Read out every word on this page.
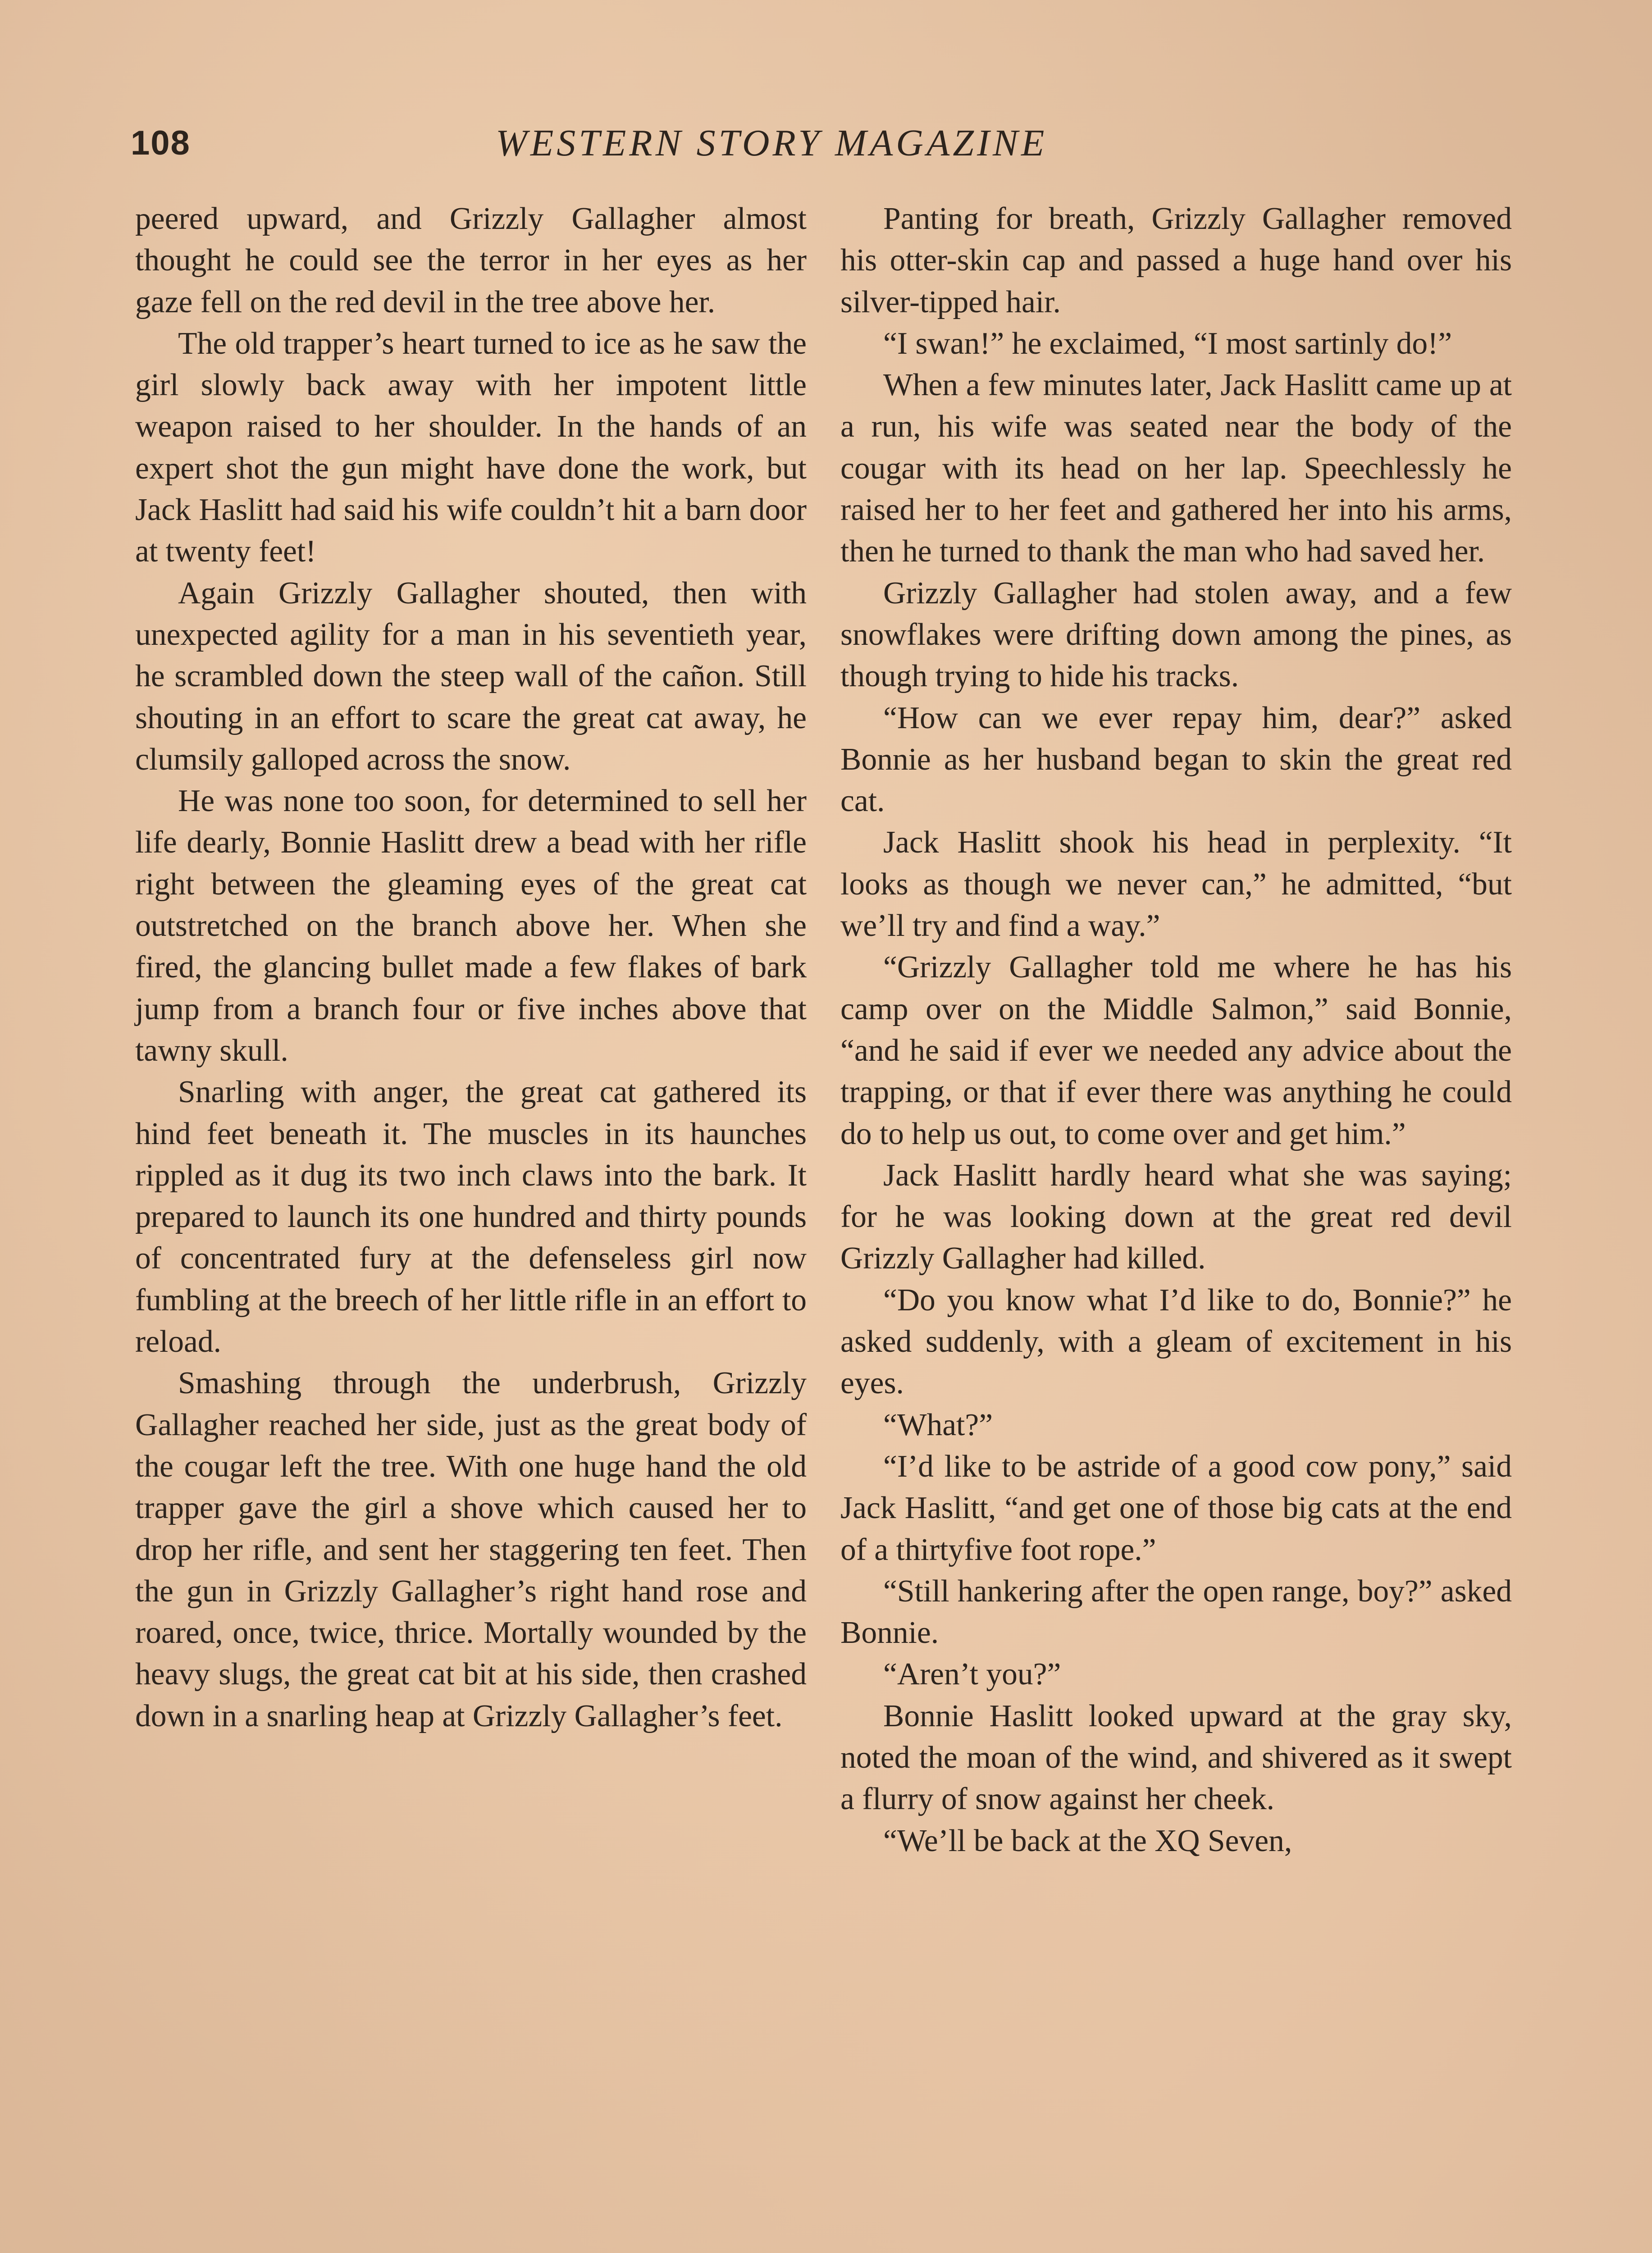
108	WESTERN STORY MAGAZINE

peered upward, and Grizzly Gallagher almost thought he could see the terror in her eyes as her gaze fell on the red devil in the tree above her.

The old trapper’s heart turned to ice as he saw the girl slowly back away with her impotent little weapon raised to her shoulder. In the hands of an expert shot the gun might have done the work, but Jack Haslitt had said his wife couldn’t hit a barn door at twenty feet!

Again Grizzly Gallagher shouted, then with unexpected agility for a man in his seventieth year, he scrambled down the steep wall of the cañon. Still shouting in an effort to scare the great cat away, he clumsily galloped across the snow.

He was none too soon, for determined to sell her life dearly, Bonnie Haslitt drew a bead with her rifle right between the gleaming eyes of the great cat outstretched on the branch above her. When she fired, the glancing bullet made a few flakes of bark jump from a branch four or five inches above that tawny skull.

Snarling with anger, the great cat gathered its hind feet beneath it. The muscles in its haunches rippled as it dug its two inch claws into the bark. It prepared to launch its one hundred and thirty pounds of concentrated fury at the defenseless girl now fumbling at the breech of her little rifle in an effort to reload.

Smashing through the underbrush, Grizzly Gallagher reached her side, just as the great body of the cougar left the tree. With one huge hand the old trapper gave the girl a shove which caused her to drop her rifle, and sent her staggering ten feet. Then the gun in Grizzly Gallagher’s right hand rose and roared, once, twice, thrice. Mortally wounded by the heavy slugs, the great cat bit at his side, then crashed down in a snarling heap at Grizzly Gallagher’s feet.

Panting for breath, Grizzly Gallagher removed his otter-skin cap and passed a huge hand over his silver-tipped hair.

“I swan!” he exclaimed, “I most sartinly do!”

When a few minutes later, Jack Haslitt came up at a run, his wife was seated near the body of the cougar with its head on her lap. Speechlessly he raised her to her feet and gathered her into his arms, then he turned to thank the man who had saved her.

Grizzly Gallagher had stolen away, and a few snowflakes were drifting down among the pines, as though trying to hide his tracks.

“How can we ever repay him, dear?” asked Bonnie as her husband began to skin the great red cat.

Jack Haslitt shook his head in perplexity. “It looks as though we never can,” he admitted, “but we’ll try and find a way.”

“Grizzly Gallagher told me where he has his camp over on the Middle Salmon,” said Bonnie, “and he said if ever we needed any advice about the trapping, or that if ever there was anything he could do to help us out, to come over and get him.”

Jack Haslitt hardly heard what she was saying; for he was looking down at the great red devil Grizzly Gallagher had killed.

“Do you know what I’d like to do, Bonnie?” he asked suddenly, with a gleam of excitement in his eyes.

“What?”

“I’d like to be astride of a good cow pony,” said Jack Haslitt, “and get one of those big cats at the end of a thirtyfive foot rope.”

“Still hankering after the open range, boy?” asked Bonnie.

“Aren’t you?”

Bonnie Haslitt looked upward at the gray sky, noted the moan of the wind, and shivered as it swept a flurry of snow against her cheek.

“We’ll be back at the XQ Seven,
